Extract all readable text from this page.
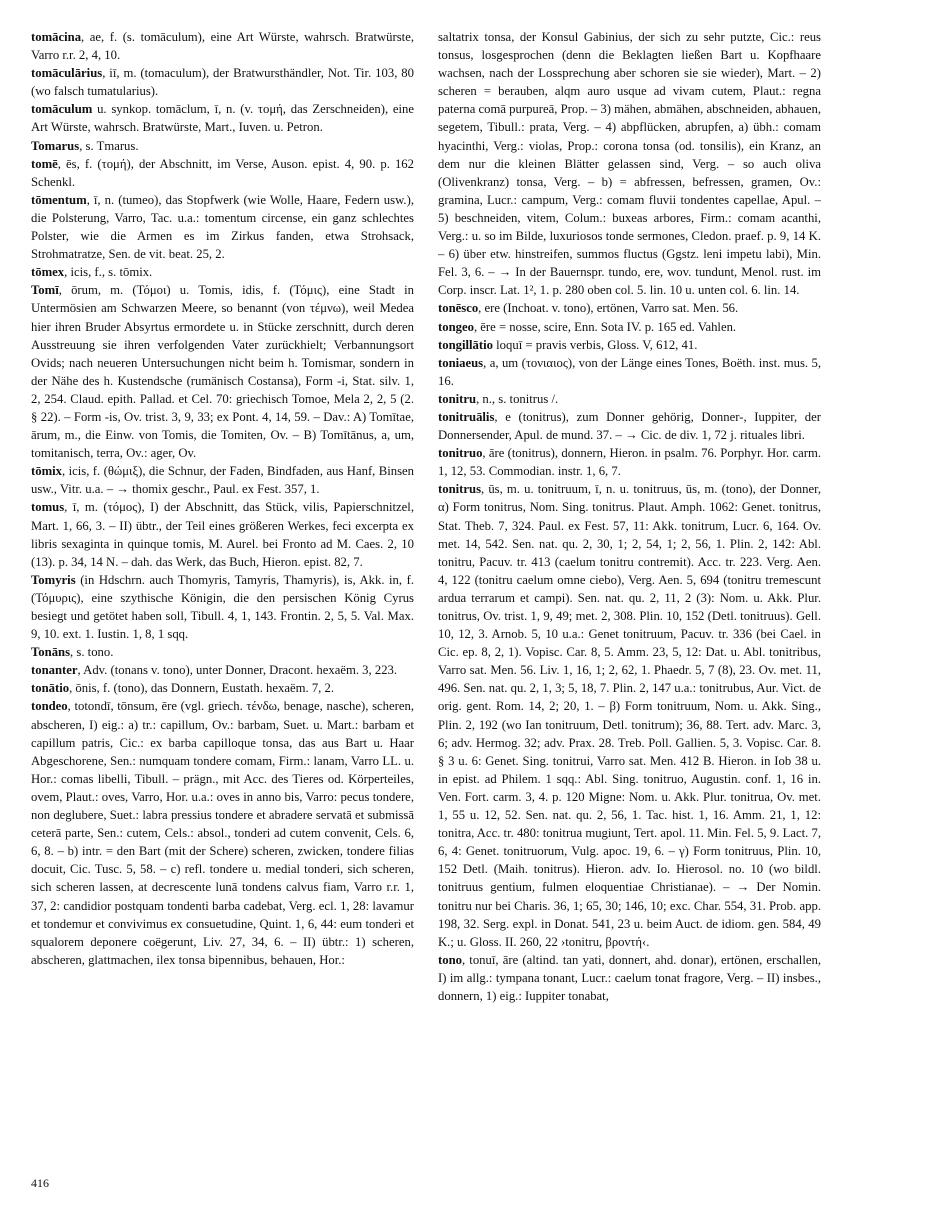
tomācina, ae, f. (s. tomāculum), eine Art Würste, wahrsch. Bratwürste, Varro r.r. 2, 4, 10.

tomāculārius, iī, m. (tomaculum), der Bratwursthändler, Not. Tir. 103, 80 (wo falsch tumatularius).

tomāculum u. synkop. tomāclum, ī, n. (v. τομή, das Zerschneiden), eine Art Würste, wahrsch. Bratwürste, Mart., Iuven. u. Petron.

Tomarus, s. Tmarus.

tomē, ēs, f. (τομή), der Abschnitt, im Verse, Auson. epist. 4, 90. p. 162 Schenkl.

tōmentum, ī, n. (tumeo), das Stopfwerk (wie Wolle, Haare, Federn usw.), die Polsterung, Varro, Tac. u.a.: tomentum circense, ein ganz schlechtes Polster, wie die Armen es im Zirkus fanden, etwa Strohsack, Strohmatratze, Sen. de vit. beat. 25, 2.

tōmex, icis, f., s. tōmix.

Tomī, ōrum, m. (Τόμοι) u. Tomis, idis, f. (Τόμις), eine Stadt in Untermösien am Schwarzen Meere, so benannt (von τέμνω), weil Medea hier ihren Bruder Absyrtus ermordete u. in Stücke zerschnitt, durch deren Ausstreuung sie ihren verfolgenden Vater zurückhielt; Verbannungsort Ovids; nach neueren Untersuchungen nicht beim h. Tomismar, sondern in der Nähe des h. Kustendsche (rumänisch Costansa), Form -i, Stat. silv. 1, 2, 254. Claud. epith. Pallad. et Cel. 70: griechisch Tomoe, Mela 2, 2, 5 (2. § 22). – Form -is, Ov. trist. 3, 9, 33; ex Pont. 4, 14, 59. – Dav.: A) Tomītae, ārum, m., die Einw. von Tomis, die Tomiten, Ov. – B) Tomītānus, a, um, tomitanisch, terra, Ov.: ager, Ov.

tōmix, icis, f. (θώμιξ), die Schnur, der Faden, Bindfaden, aus Hanf, Binsen usw., Vitr. u.a. – → thomix geschr., Paul. ex Fest. 357, 1.

tomus, ī, m. (τόμος), I) der Abschnitt, das Stück, vilis, Papierschnitzel, Mart. 1, 66, 3. – II) übtr., der Teil eines größeren Werkes, feci excerpta ex libris sexaginta in quinque tomis, M. Aurel. bei Fronto ad M. Caes. 2, 10 (13). p. 34, 14 N. – dah. das Werk, das Buch, Hieron. epist. 82, 7.

Tomyris (in Hdschrn. auch Thomyris, Tamyris, Thamyris), is, Akk. in, f. (Τόμυρις), eine szythische Königin, die den persischen König Cyrus besiegt und getötet haben soll, Tibull. 4, 1, 143. Frontin. 2, 5, 5. Val. Max. 9, 10. ext. 1. Iustin. 1, 8, 1 sqq.

Tonāns, s. tono.

tonanter, Adv. (tonans v. tono), unter Donner, Dracont. hexaëm. 3, 223.

tonātio, ōnis, f. (tono), das Donnern, Eustath. hexaëm. 7, 2.

tondeo, totondī, tōnsum, ēre (vgl. griech. τένδω, benage, nasche), scheren, abscheren, I) eig.: a) tr.: capillum, Ov.: barbam, Suet. u. Mart.: barbam et capillum patris, Cic.: ex barba capilloque tonsa, das aus Bart u. Haar Abgeschorene, Sen.: numquam tondere comam, Firm.: lanam, Varro LL. u. Hor.: comas libelli, Tibull. – prägn., mit Acc. des Tieres od. Körperteiles, ovem, Plaut.: oves, Varro, Hor. u.a.: oves in anno bis, Varro: pecus tondere, non deglubere, Suet.: labra pressius tondere et abradere servatā et submissā ceterā parte, Sen.: cutem, Cels.: absol., tonderi ad cutem convenit, Cels. 6, 6, 8. – b) intr. = den Bart (mit der Schere) scheren, zwicken, tondere filias docuit, Cic. Tusc. 5, 58. – c) refl. tondere u. medial tonderi, sich scheren, sich scheren lassen, at decrescente lunā tondens calvus fiam, Varro r.r. 1, 37, 2: candidior postquam tondenti barba cadebat, Verg. ecl. 1, 28: lavamur et tondemur et convivimus ex consuetudine, Quint. 1, 6, 44: eum tonderi et squalorem deponere coëgerunt, Liv. 27, 34, 6. – II) übtr.: 1) scheren, abscheren, glattmachen, ilex tonsa bipennibus, behauen, Hor.:

saltatrix tonsa, der Konsul Gabinius, der sich zu sehr putzte, Cic.: reus tonsus, losgesprochen (denn die Beklagten ließen Bart u. Kopfhaare wachsen, nach der Lossprechung aber schoren sie sie wieder), Mart. – 2) scheren = berauben, alqm auro usque ad vivam cutem, Plaut.: regna paterna comā purpureā, Prop. – 3) mähen, abmähen, abschneiden, abhauen, segetem, Tibull.: prata, Verg. – 4) abpflücken, abrupfen, a) übh.: comam hyacinthi, Verg.: violas, Prop.: corona tonsa (od. tonsilis), ein Kranz, an dem nur die kleinen Blätter gelassen sind, Verg. – so auch oliva (Olivenkranz) tonsa, Verg. – b) = abfressen, befressen, gramen, Ov.: gramina, Lucr.: campum, Verg.: comam fluvii tondentes capellae, Apul. – 5) beschneiden, vitem, Colum.: buxeas arbores, Firm.: comam acanthi, Verg.: u. so im Bilde, luxuriosos tonde sermones, Cledon. praef. p. 9, 14 K. – 6) über etw. hinstreifen, summos fluctus (Ggstz. leni impetu labi), Min. Fel. 3, 6. – → In der Bauernspr. tundo, ere, wov. tundunt, Menol. rust. im Corp. inscr. Lat. 1², 1. p. 280 oben col. 5. lin. 10 u. unten col. 6. lin. 14.

tonēsco, ere (Inchoat. v. tono), ertönen, Varro sat. Men. 56.

tongeo, ēre = nosse, scire, Enn. Sota IV. p. 165 ed. Vahlen.

tongillātio loquī = pravis verbis, Gloss. V, 612, 41.

toniaeus, a, um (τονιαιος), von der Länge eines Tones, Boëth. inst. mus. 5, 16.

tonitru, n., s. tonitrus /.

tonitruālis, e (tonitrus), zum Donner gehörig, Donner-, Iuppiter, der Donnersender, Apul. de mund. 37. – → Cic. de div. 1, 72 j. rituales libri.

tonitruo, āre (tonitrus), donnern, Hieron. in psalm. 76. Porphyr. Hor. carm. 1, 12, 53. Commodian. instr. 1, 6, 7.

tonitrus, ūs, m. u. tonitruum, ī, n. u. tonitruus, ūs, m. (tono), der Donner, α) Form tonitrus, Nom. Sing. tonitrus. Plaut. Amph. 1062: Genet. tonitrus, Stat. Theb. 7, 324. Paul. ex Fest. 57, 11: Akk. tonitrum, Lucr. 6, 164. Ov. met. 14, 542. Sen. nat. qu. 2, 30, 1; 2, 54, 1; 2, 56, 1. Plin. 2, 142: Abl. tonitru, Pacuv. tr. 413 (caelum tonitru contremit). Acc. tr. 223. Verg. Aen. 4, 122 (tonitru caelum omne ciebo), Verg. Aen. 5, 694 (tonitru tremescunt ardua terrarum et campi). Sen. nat. qu. 2, 11, 2 (3): Nom. u. Akk. Plur. tonitrus, Ov. trist. 1, 9, 49; met. 2, 308. Plin. 10, 152 (Detl. tonitruus). Gell. 10, 12, 3. Arnob. 5, 10 u.a.: Genet tonitruum, Pacuv. tr. 336 (bei Cael. in Cic. ep. 8, 2, 1). Vopisc. Car. 8, 5. Amm. 23, 5, 12: Dat. u. Abl. tonitribus, Varro sat. Men. 56. Liv. 1, 16, 1; 2, 62, 1. Phaedr. 5, 7 (8), 23. Ov. met. 11, 496. Sen. nat. qu. 2, 1, 3; 5, 18, 7. Plin. 2, 147 u.a.: tonitrubus, Aur. Vict. de orig. gent. Rom. 14, 2; 20, 1. – β) Form tonitruum, Nom. u. Akk. Sing., Plin. 2, 192 (wo Ian tonitruum, Detl. tonitrum); 36, 88. Tert. adv. Marc. 3, 6; adv. Hermog. 32; adv. Prax. 28. Treb. Poll. Gallien. 5, 3. Vopisc. Car. 8. § 3 u. 6: Genet. Sing. tonitrui, Varro sat. Men. 412 B. Hieron. in Iob 38 u. in epist. ad Philem. 1 sqq.: Abl. Sing. tonitruo, Augustin. conf. 1, 16 in. Ven. Fort. carm. 3, 4. p. 120 Migne: Nom. u. Akk. Plur. tonitrua, Ov. met. 1, 55 u. 12, 52. Sen. nat. qu. 2, 56, 1. Tac. hist. 1, 16. Amm. 21, 1, 12: tonitra, Acc. tr. 480: tonitrua mugiunt, Tert. apol. 11. Min. Fel. 5, 9. Lact. 7, 6, 4: Genet. tonitruorum, Vulg. apoc. 19, 6. – γ) Form tonitruus, Plin. 10, 152 Detl. (Maih. tonitrus). Hieron. adv. Io. Hierosol. no. 10 (wo bildl. tonitruus gentium, fulmen eloquentiae Christianae). – → Der Nomin. tonitru nur bei Charis. 36, 1; 65, 30; 146, 10; exc. Char. 554, 31. Prob. app. 198, 32. Serg. expl. in Donat. 541, 23 u. beim Auct. de idiom. gen. 584, 49 K.; u. Gloss. II. 260, 22 ›tonitru, βροντή‹.

tono, tonuī, āre (altind. tan yati, donnert, ahd. donar), ertönen, erschallen, I) im allg.: tympana tonant, Lucr.: caelum tonat fragore, Verg. – II) insbes., donnern, 1) eig.: Iuppiter tonabat,

416
